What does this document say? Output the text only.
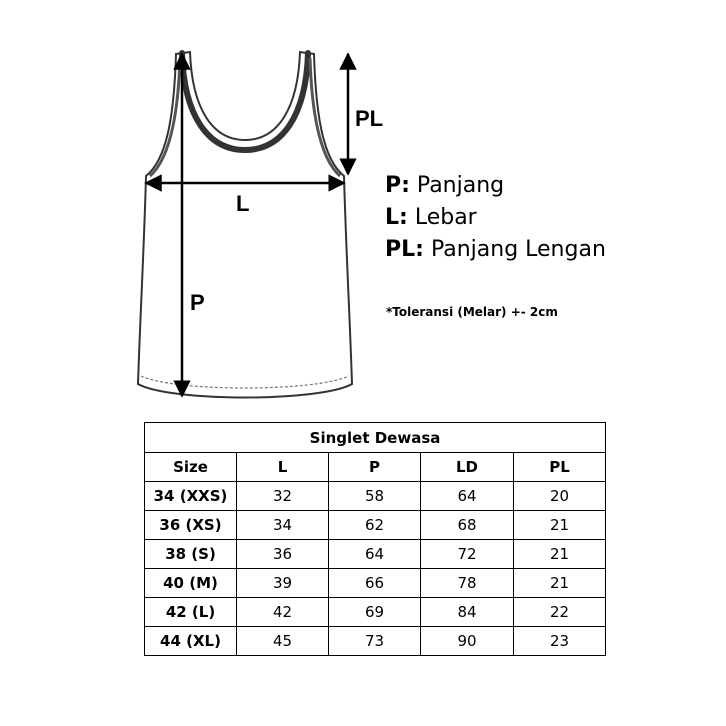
PL
L
P
P: Panjang
L: Lebar
PL: Panjang Lengan
*Toleransi (Melar) +- 2cm
Singlet Dewasa				
Size	L	P	LD	PL
34 (XXS)	32	58	64	20
36 (XS)	34	62	68	21
38 (S)	36	64	72	21
40 (M)	39	66	78	21
42 (L)	42	69	84	22
44 (XL)	45	73	90	23
